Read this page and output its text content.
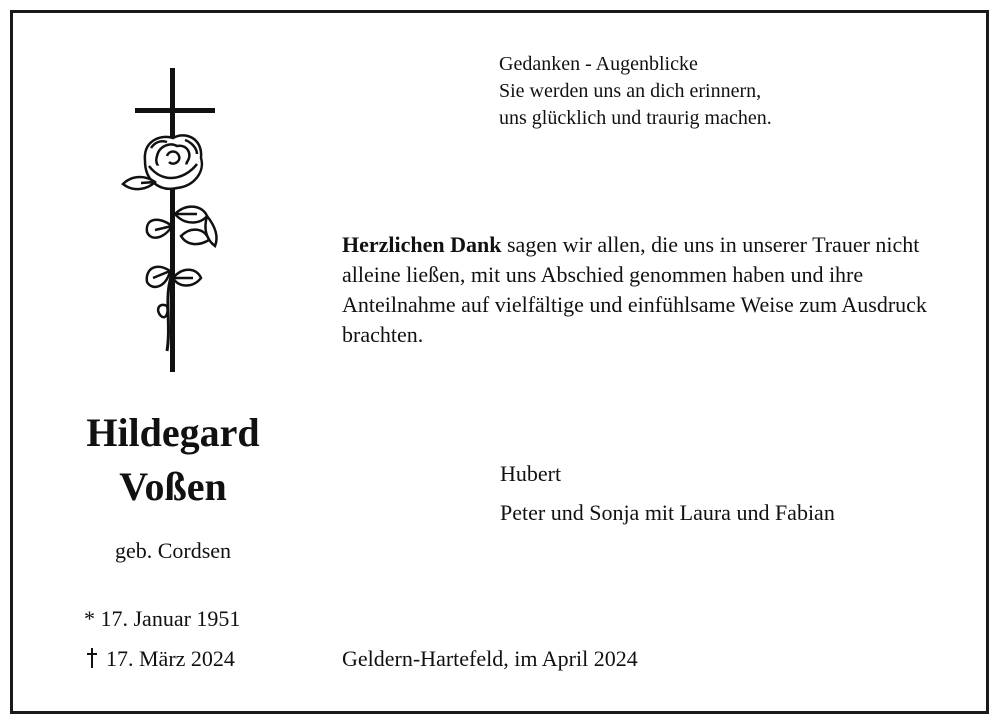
Gedanken - Augenblicke
Sie werden uns an dich erinnern,
uns glücklich und traurig machen.
Herzlichen Dank sagen wir allen, die uns in unserer Trauer nicht alleine ließen, mit uns Abschied genommen haben und ihre Anteilnahme auf vielfältige und einfühlsame Weise zum Ausdruck brachten.
Hildegard
Voßen
geb. Cordsen
* 17. Januar 1951
17. März 2024
Hubert
Peter und Sonja mit Laura und Fabian
Geldern-Hartefeld, im April 2024
